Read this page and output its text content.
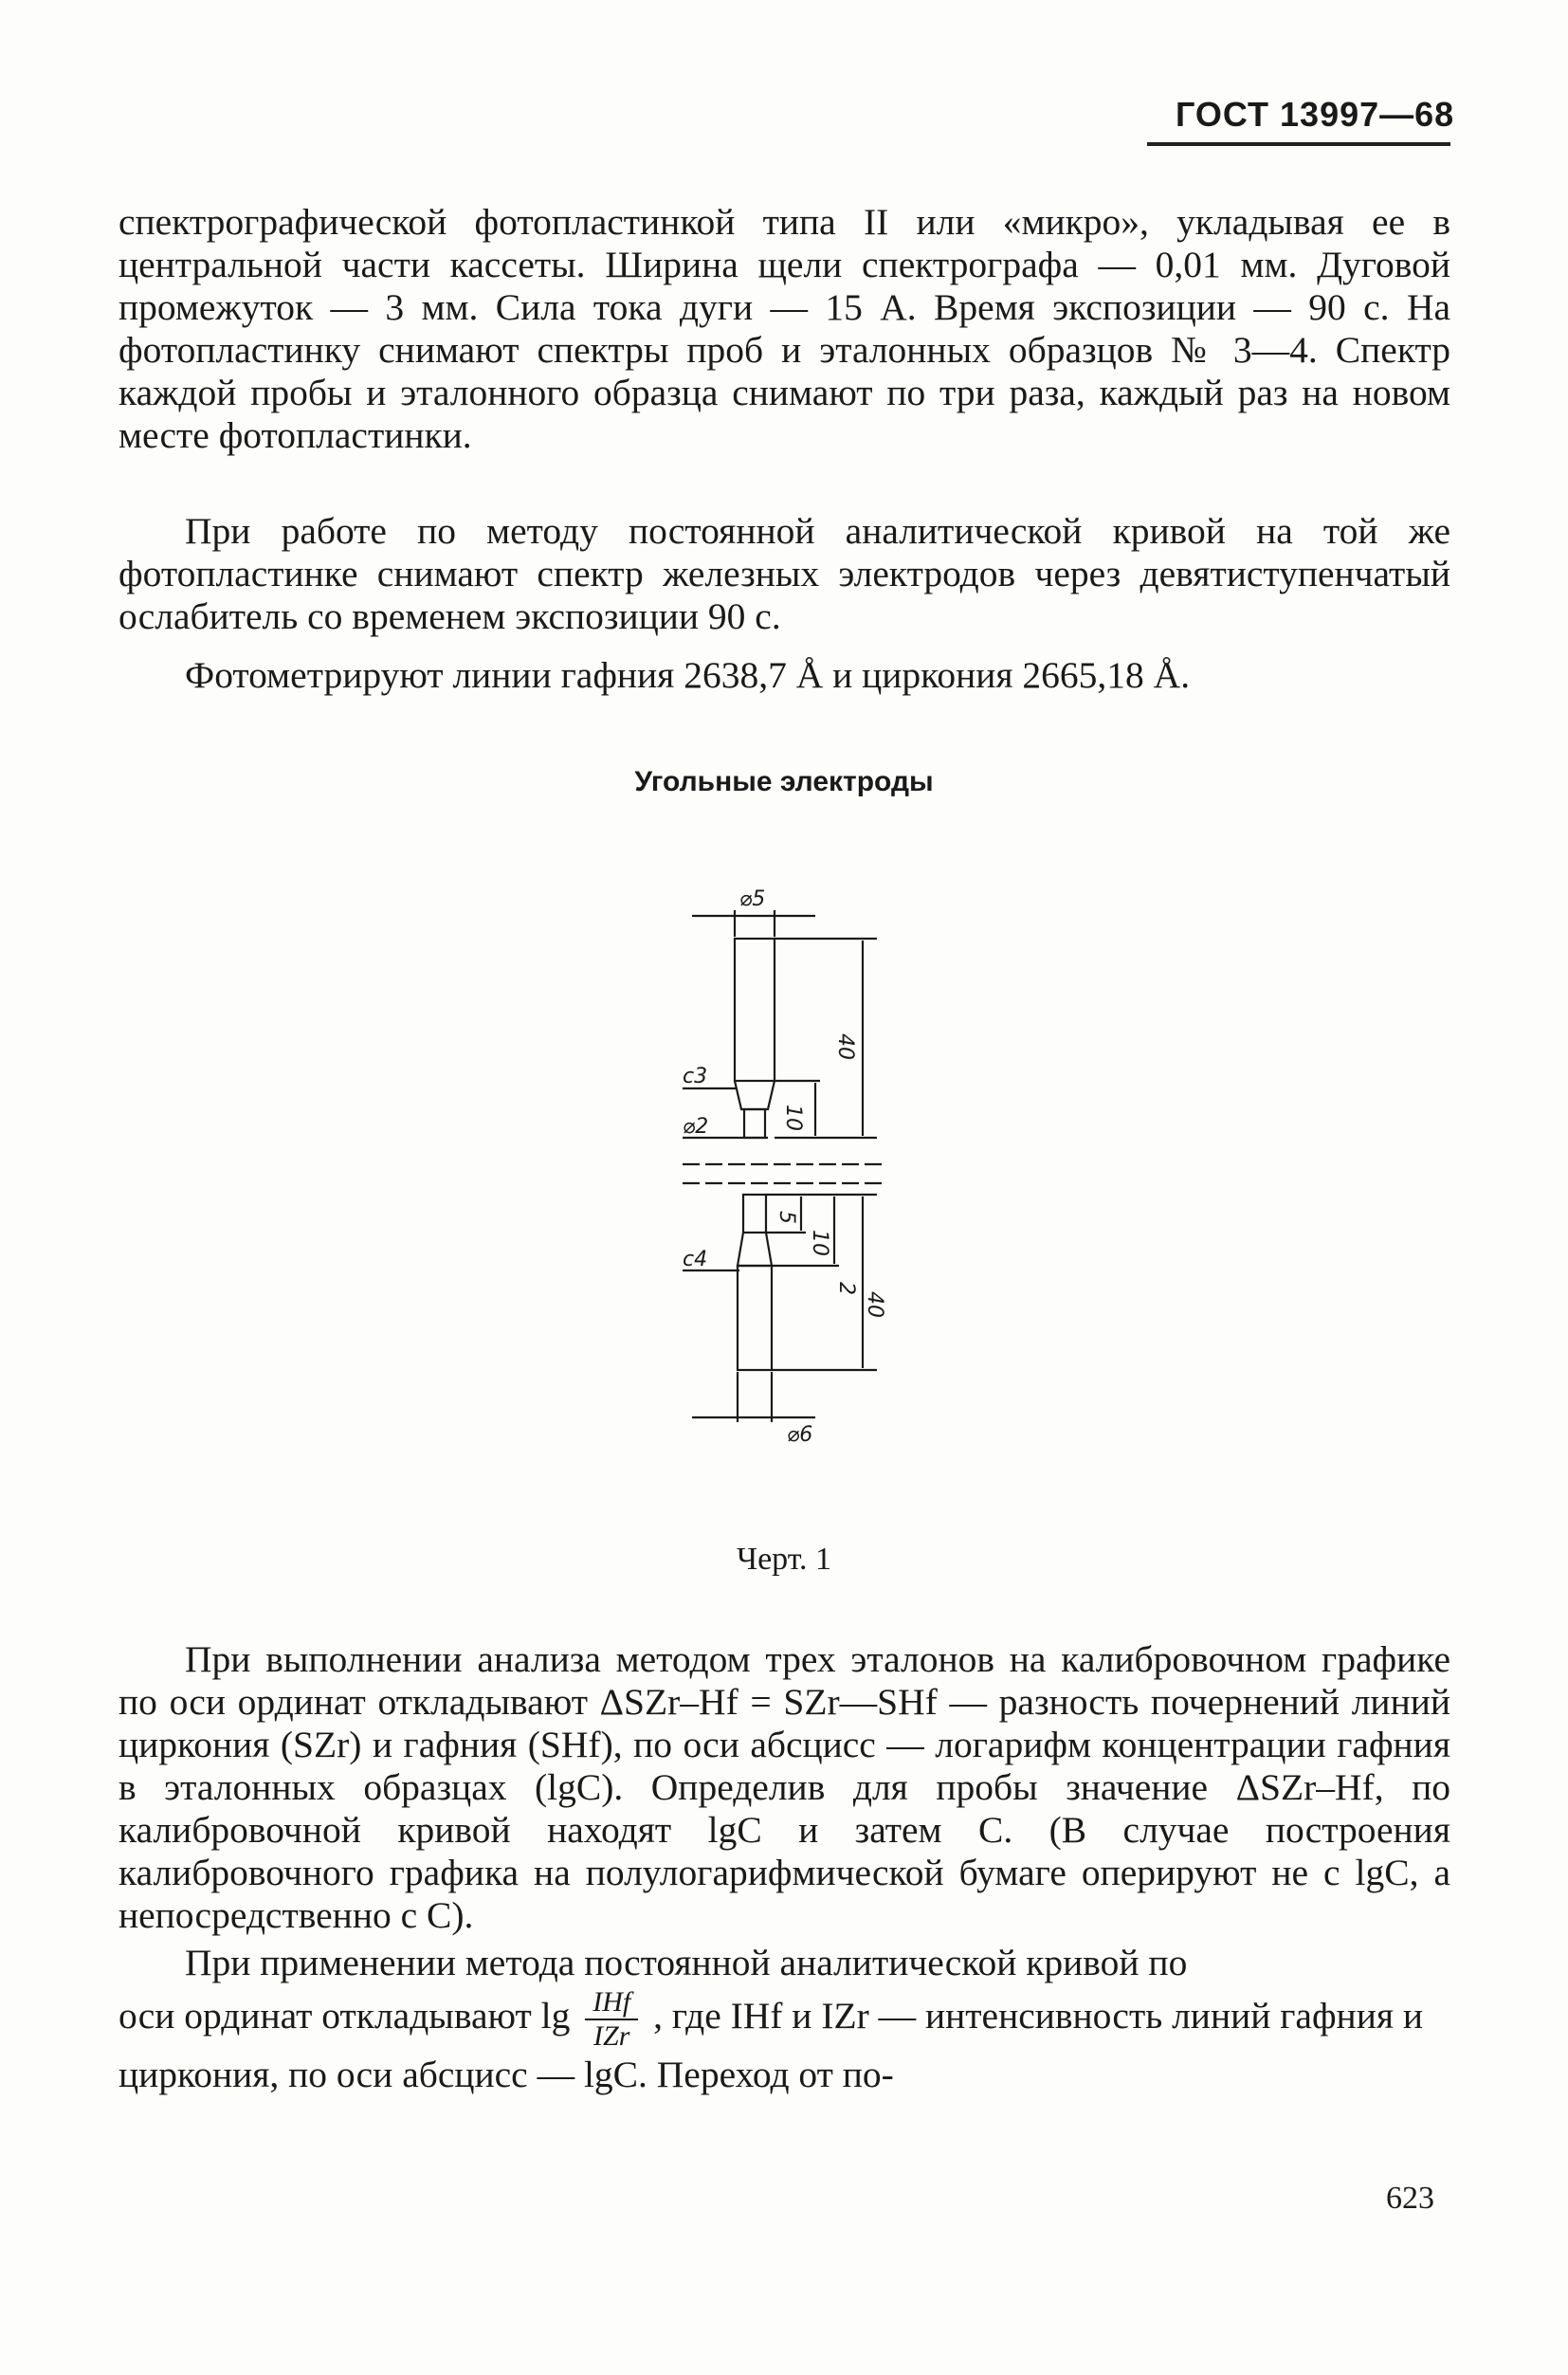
ГОСТ 13997—68
спектрографической фотопластинкой типа II или «микро», укладывая ее в центральной части кассеты. Ширина щели спектрографа — 0,01 мм. Дуговой промежуток — 3 мм. Сила тока дуги — 15 А. Время экспозиции — 90 с. На фотопластинку снимают спектры проб и эталонных образцов № 3—4. Спектр каждой пробы и эталонного образца снимают по три раза, каждый раз на новом месте фотопластинки.
При работе по методу постоянной аналитической кривой на той же фотопластинке снимают спектр железных электродов через девятиступенчатый ослабитель со временем экспозиции 90 с.
Фотометрируют линии гафния 2638,7 Å и циркония 2665,18 Å.
Угольные электроды
⌀5
40
с3
10
⌀2
5
10
с4
2
40
⌀6
Черт. 1
При выполнении анализа методом трех эталонов на калибровочном графике по оси ординат откладывают ΔSZr–Hf = SZr—SHf — разность почернений линий циркония (SZr) и гафния (SHf), по оси абсцисс — логарифм концентрации гафния в эталонных образцах (lgC). Определив для пробы значение ΔSZr–Hf, по калибровочной кривой находят lgC и затем C. (В случае построения калибровочного графика на полулогарифмической бумаге оперируют не с lgC, а непосредственно с C).
При применении метода постоянной аналитической кривой по
оси ординат откладывают $\lg \frac{\text{IHf}}{\text{IZr}}$ , где IHf и IZr — интенсивность линий гафния и циркония, по оси абсцисс — lgC. Переход от по-
623
